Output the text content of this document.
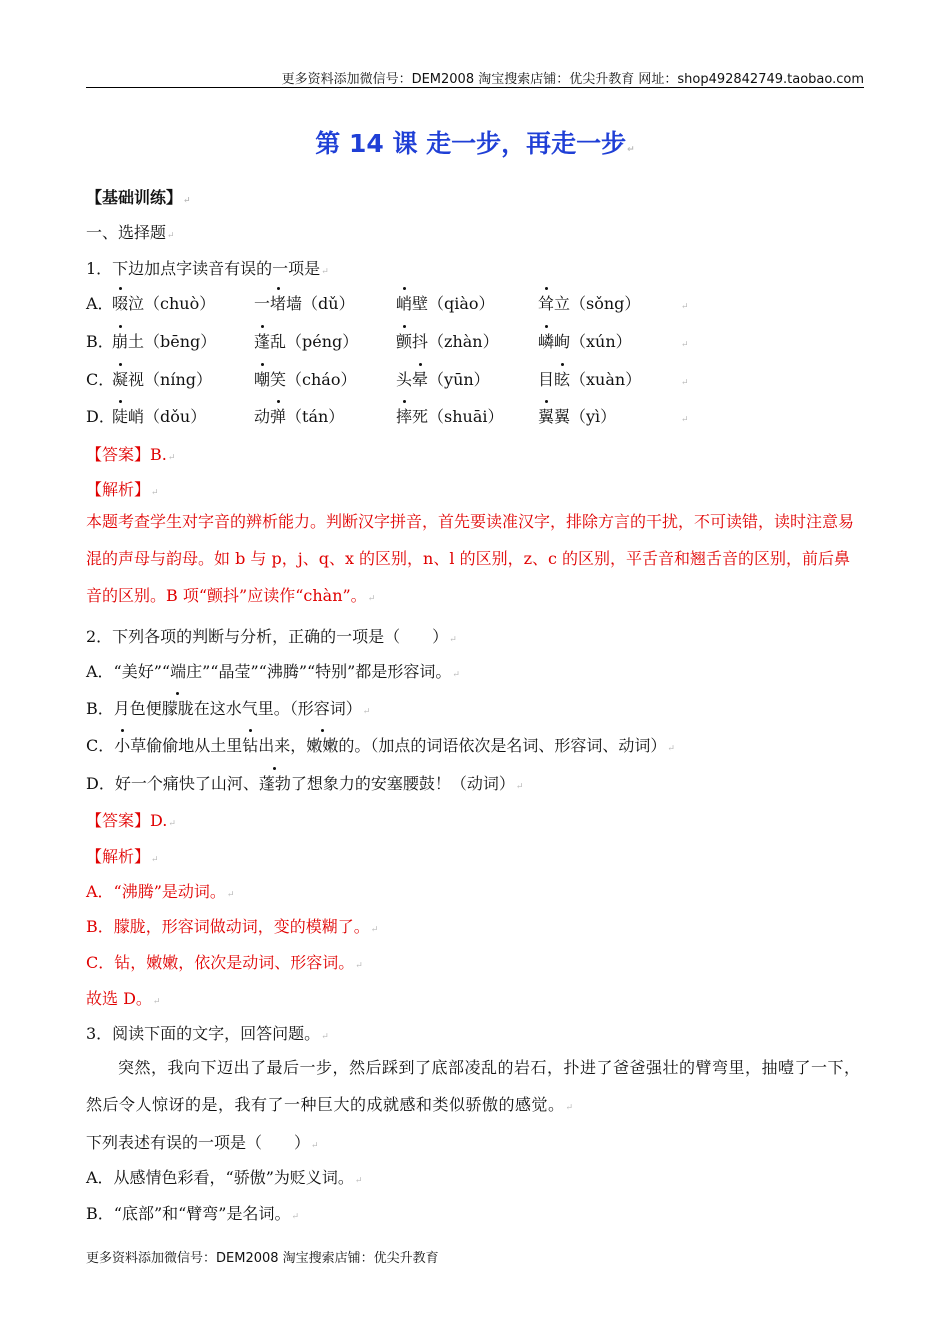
更多资料添加微信号：DEM2008 淘宝搜索店铺：优尖升教育 网址：shop492842749.taobao.com
第 14 课 走一步，再走一步↵
【基础训练】↵
一、选择题↵
1．下边加点字读音有误的一项是↵
A．啜泣（chuò） 一堵墙（dǔ）	峭壁（qiào）	耸立（sǒng）	↵
B．崩土（bēng） 蓬乱（péng） 颤抖（zhàn） 嶙峋（xún）	↵
C．凝视（níng）	嘲笑（cháo） 头晕（yūn）	目眩（xuàn）	↵
D．陡峭（dǒu）	动弹（tán）	摔死（shuāi） 翼翼（yì）	↵
【答案】B.↵
【解析】↵
本题考查学生对字音的辨析能力。判断汉字拼音，首先要读准汉字，排除方言的干扰，不可读错，读时注意易混的声母与韵母。如 b 与 p，j、q、x 的区别，n、l 的区别，z、c 的区别，平舌音和翘舌音的区别，前后鼻音的区别。B 项“颤抖”应读作“chàn”。↵
2．下列各项的判断与分析，正确的一项是（　　）↵
A．“美好”“端庄”“晶莹”“沸腾”“特别”都是形容词。↵
B．月色便朦胧在这水气里。（形容词）↵
C．小草偷偷地从土里钻出来，嫩嫩的。（加点的词语依次是名词、形容词、动词）↵
D．好一个痛快了山河、蓬勃了想象力的安塞腰鼓！（动词）↵
【答案】D.↵
【解析】↵
A．“沸腾”是动词。↵
B．朦胧，形容词做动词，变的模糊了。↵
C．钻，嫩嫩，依次是动词、形容词。↵
故选 D。↵
3．阅读下面的文字，回答问题。↵
突然，我向下迈出了最后一步，然后踩到了底部凌乱的岩石，扑进了爸爸强壮的臂弯里，抽噎了一下，然后令人惊讶的是，我有了一种巨大的成就感和类似骄傲的感觉。↵
下列表述有误的一项是（　　）↵
A．从感情色彩看，“骄傲”为贬义词。↵
B．“底部”和“臂弯”是名词。↵
更多资料添加微信号：DEM2008 淘宝搜索店铺：优尖升教育
